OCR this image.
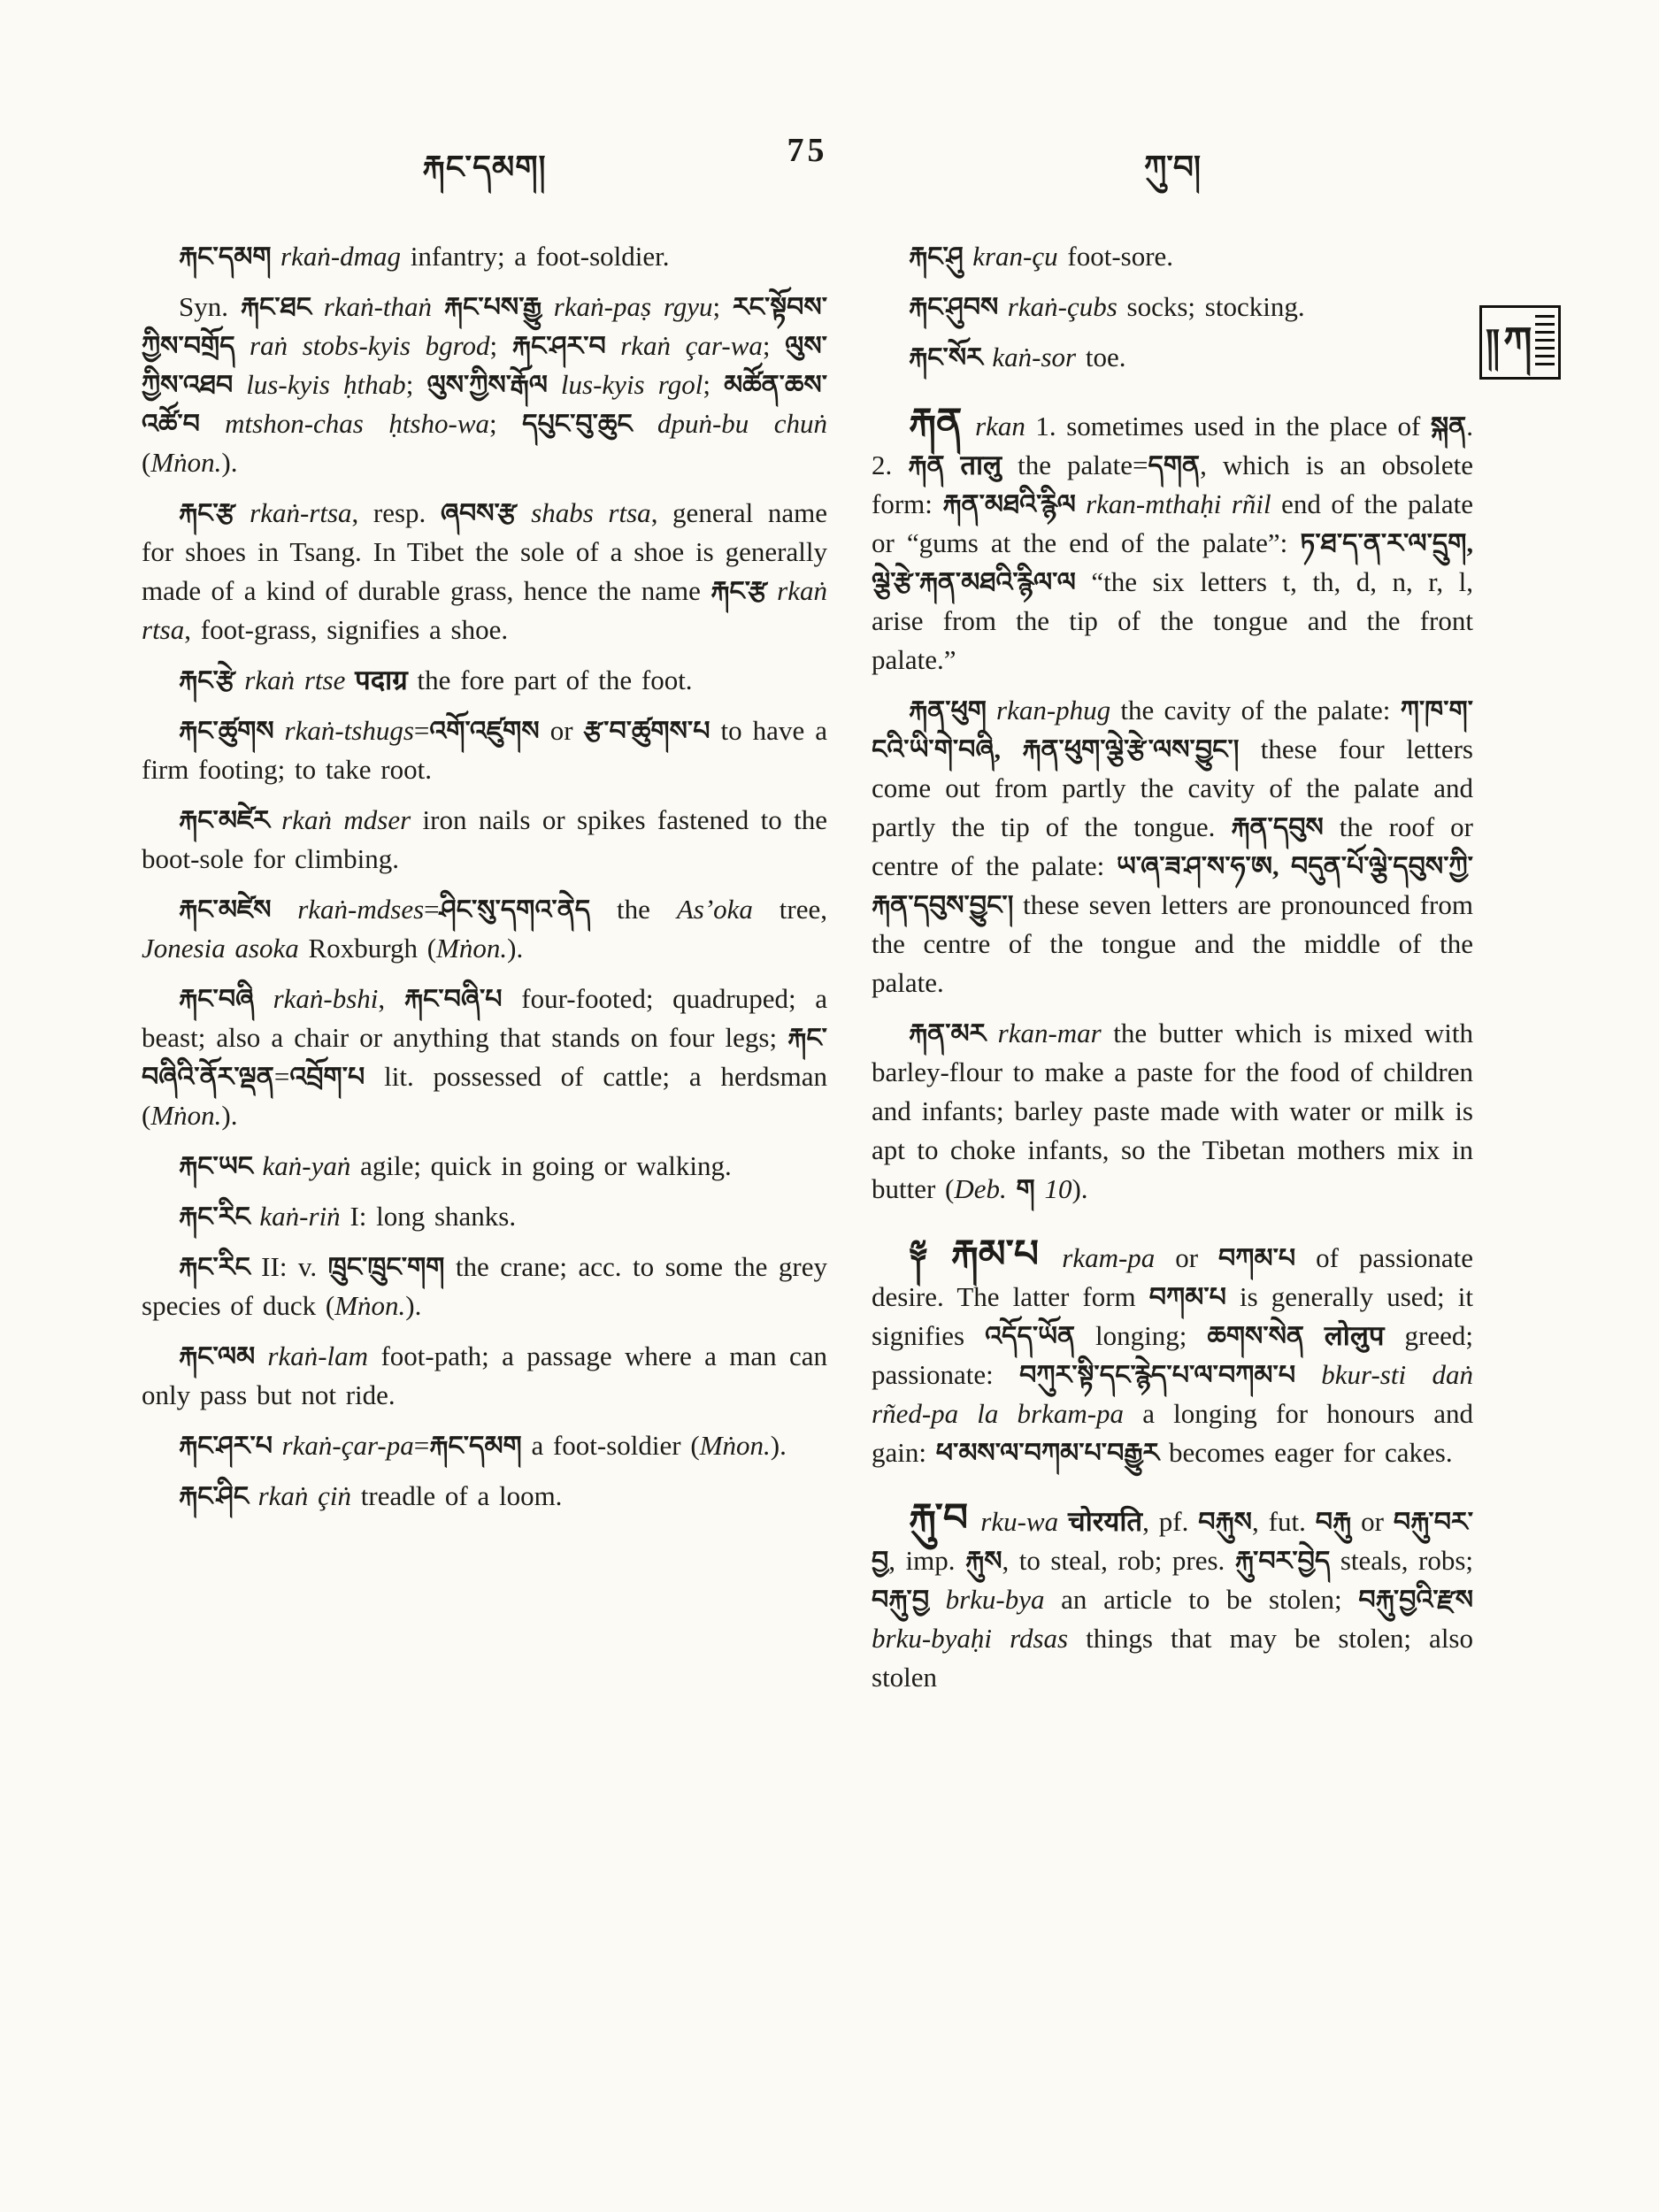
རྐང་དམག།	75	ཀུ་བ།
༎ ཀ

རྐང་དམག rkaṅ-dmag infantry; a foot-soldier.

Syn. རྐང་ཐང rkaṅ-thaṅ རྐང་པས་རྒྱུ rkaṅ-paṣ rgyu; རང་སྟོབས་ཀྱིས་བགྲོད raṅ stobs-kyis bgrod; རྐང་ཤར་བ rkaṅ çar-wa; ལུས་ཀྱིས་འཐབ lus-kyis ḥthab; ལུས་ཀྱིས་རྒོལ lus-kyis rgol; མཚོན་ཆས་འཚོ་བ mtshon-chas ḥtsho-wa; དཔུང་བུ་ཆུང dpuṅ-bu chuṅ (Mṅon.).

རྐང་རྩ rkaṅ-rtsa, resp. ཞབས་རྩ shabs rtsa, general name for shoes in Tsang. In Tibet the sole of a shoe is generally made of a kind of durable grass, hence the name རྐང་རྩ rkaṅ rtsa, foot-grass, signifies a shoe.

རྐང་རྩེ rkaṅ rtse पदाग्र the fore part of the foot.

རྐང་ཚུགས rkaṅ-tshugs=འགོ་འཛུགས or རྩ་བ་ཚུགས་པ to have a firm footing; to take root.

རྐང་མཛེར rkaṅ mdser iron nails or spikes fastened to the boot-sole for climbing.

རྐང་མཛེས rkaṅ-mdses=ཤིང་སུ་དགའ་ནེད the Asʼoka tree, Jonesia asoka Roxburgh (Mṅon.).

རྐང་བཞི rkaṅ-bshi, རྐང་བཞི་པ four-footed; quadruped; a beast; also a chair or anything that stands on four legs; རྐང་བཞིའི་ནོར་ལྡན=འབྲོག་པ lit. possessed of cattle; a herdsman (Mṅon.).

རྐང་ཡང kaṅ-yaṅ agile; quick in going or walking.

རྐང་རིང kaṅ-riṅ I: long shanks.

རྐང་རིང II: v. ཁྲུང་ཁྲུང་གག the crane; acc. to some the grey species of duck (Mṅon.).

རྐང་ལམ rkaṅ-lam foot-path; a passage where a man can only pass but not ride.

རྐང་ཤར་པ rkaṅ-çar-pa=རྐང་དམག a foot-soldier (Mṅon.).

རྐང་ཤིང rkaṅ çiṅ treadle of a loom.

རྐང་ཤུ kran-çu foot-sore.

རྐང་ཤུབས rkaṅ-çubs socks; stocking.

རྐང་སོར kaṅ-sor toe.

རྐན rkan 1. sometimes used in the place of སྐན. 2. རྐན तालु the palate=དགན, which is an obsolete form: རྐན་མཐའི་རྙིལ rkan-mthaḥi rñil end of the palate or “gums at the end of the palate”: ཏ་ཐ་ད་ན་ར་ལ་དྲུག, ལྕེ་རྩེ་རྐན་མཐའི་རྙིལ་ལ “the six letters t, th, d, n, r, l, arise from the tip of the tongue and the front palate.”

རྐན་ཕུག rkan-phug the cavity of the palate: ཀ་ཁ་ག་ངའི་ཡི་གེ་བཞི, རྐན་ཕུག་ལྕེ་རྩེ་ལས་བྱུང་། these four letters come out from partly the cavity of the palate and partly the tip of the tongue. རྐན་དབུས the roof or centre of the palate: ཡ་ཞ་ཟ་ཤ་ས་ཧ་ཨ, བདུན་པོ་ལྕེ་དབུས་ཀྱི་རྐན་དབུས་བྱུང་། these seven letters are pronounced from the centre of the tongue and the middle of the palate.

རྐན་མར rkan-mar the butter which is mixed with barley-flour to make a paste for the food of children and infants; barley paste made with water or milk is apt to choke infants, so the Tibetan mothers mix in butter (Deb. ག 10).

༈ རྐམ་པ rkam-pa or བཀམ་པ of passionate desire. The latter form བཀམ་པ is generally used; it signifies འདོད་ཡོན longing; ཆགས་སེན लोलुप greed; passionate: བཀུར་སྟི་དང་རྙེད་པ་ལ་བཀམ་པ bkur-sti daṅ rñed-pa la brkam-pa a longing for honours and gain: ཕ་མས་ལ་བཀམ་པ་བརྒྱུར becomes eager for cakes.

རྐུ་བ rku-wa चोरयति, pf. བརྐུས, fut. བརྐུ or བརྐུ་བར་བྱ, imp. རྐུས, to steal, rob; pres. རྐུ་བར་བྱེད steals, robs; བརྐུ་བྱ brku-bya an article to be stolen; བརྐུ་བྱའི་རྫས brku-byaḥi rdsas things that may be stolen; also stolen
